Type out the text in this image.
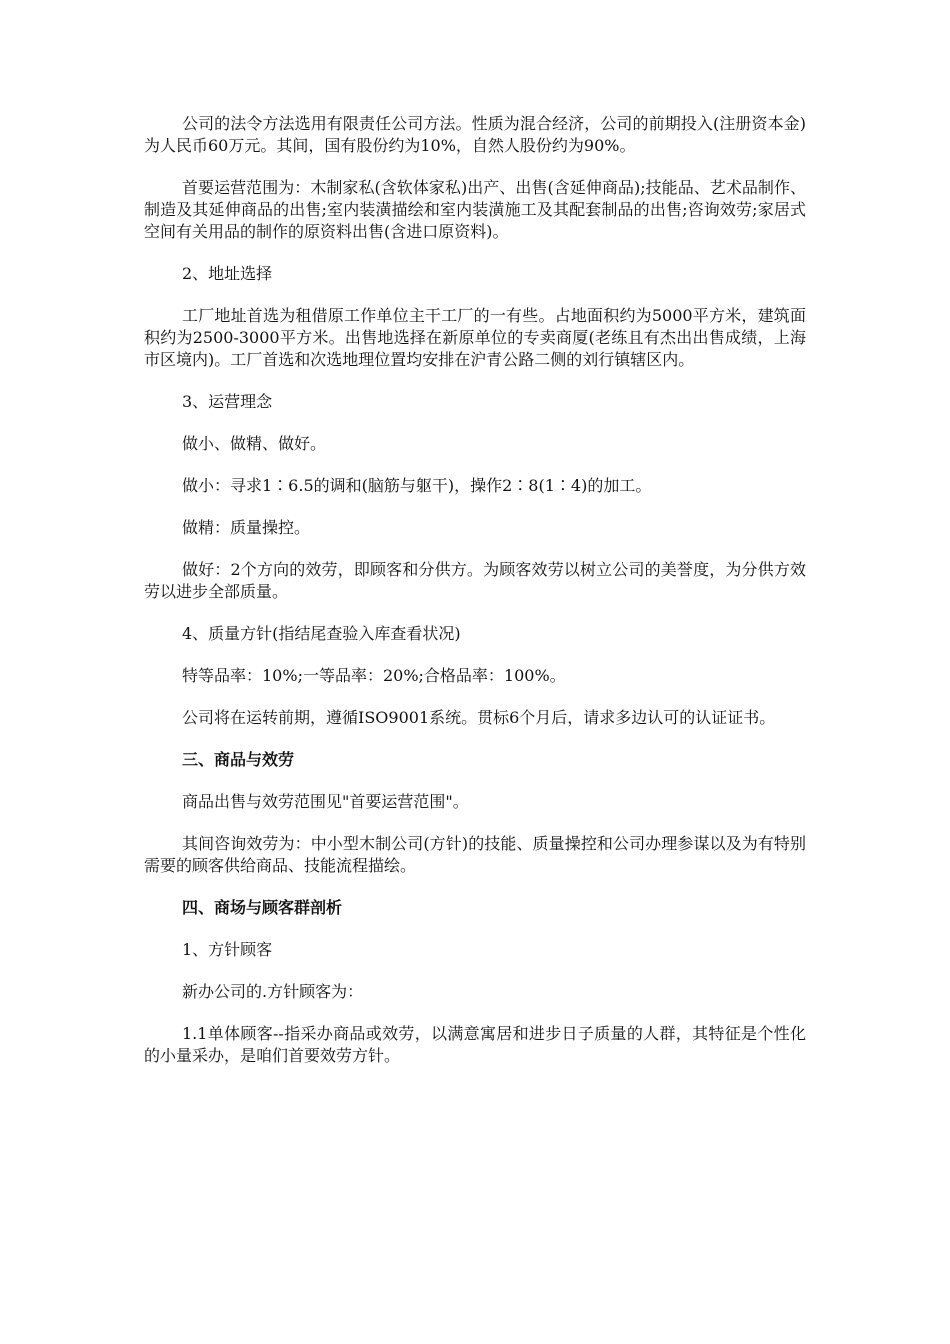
公司的法令方法选用有限责任公司方法。性质为混合经济，公司的前期投入(注册资本金)为人民币60万元。其间，国有股份约为10%，自然人股份约为90%。

首要运营范围为：木制家私(含软体家私)出产、出售(含延伸商品);技能品、艺术品制作、制造及其延伸商品的出售;室内装潢描绘和室内装潢施工及其配套制品的出售;咨询效劳;家居式空间有关用品的制作的原资料出售(含进口原资料)。

2、地址选择

工厂地址首选为租借原工作单位主干工厂的一有些。占地面积约为5000平方米，建筑面积约为2500-3000平方米。出售地选择在新原单位的专卖商厦(老练且有杰出出售成绩，上海市区境内)。工厂首选和次选地理位置均安排在沪青公路二侧的刘行镇辖区内。

3、运营理念

做小、做精、做好。

做小：寻求1∶6.5的调和(脑筋与躯干)，操作2∶8(1∶4)的加工。

做精：质量操控。

做好：2个方向的效劳，即顾客和分供方。为顾客效劳以树立公司的美誉度，为分供方效劳以进步全部质量。

4、质量方针(指结尾查验入库查看状况)

特等品率：10%;一等品率：20%;合格品率：100%。

公司将在运转前期，遵循ISO9001系统。贯标6个月后，请求多边认可的认证证书。

三、商品与效劳

商品出售与效劳范围见"首要运营范围"。

其间咨询效劳为：中小型木制公司(方针)的技能、质量操控和公司办理参谋以及为有特别需要的顾客供给商品、技能流程描绘。

四、商场与顾客群剖析

1、方针顾客

新办公司的.方针顾客为：

1.1单体顾客--指采办商品或效劳，以满意寓居和进步日子质量的人群，其特征是个性化的小量采办，是咱们首要效劳方针。
